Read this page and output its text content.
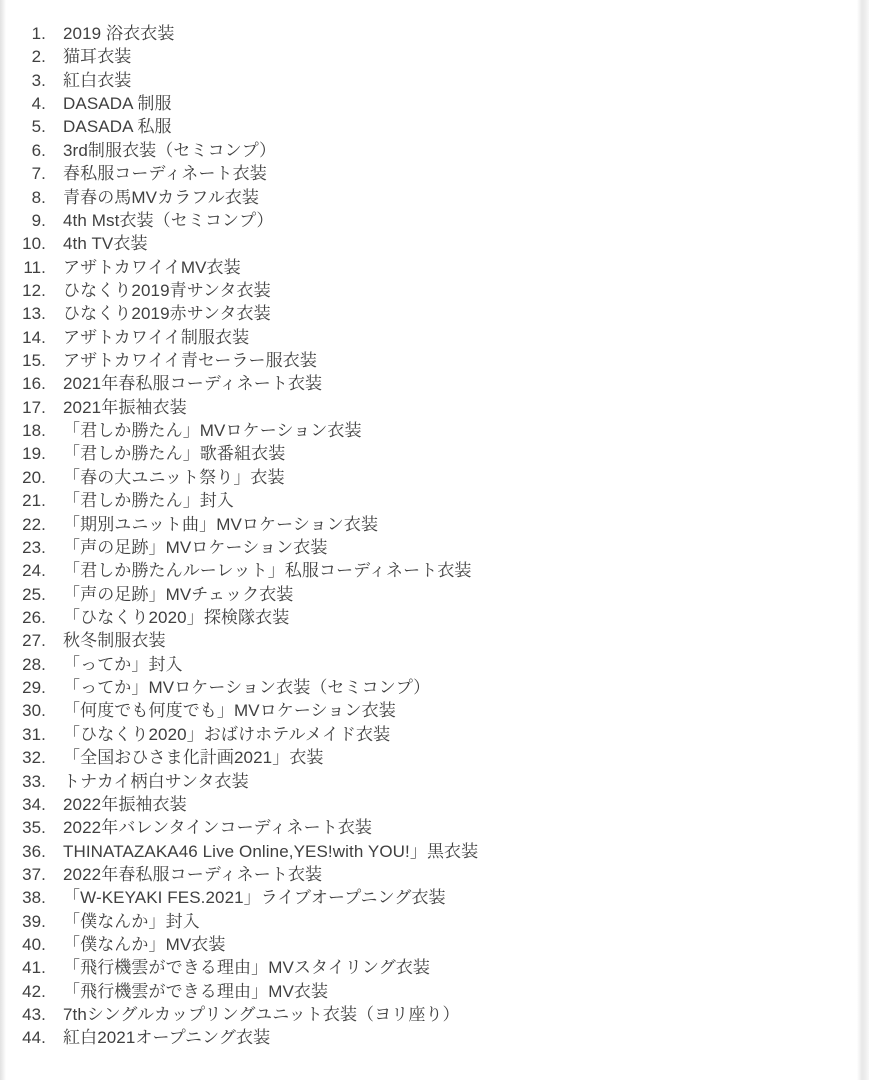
1. 2019 浴衣衣装
2. 猫耳衣装
3. 紅白衣装
4. DASADA 制服
5. DASADA 私服
6. 3rd制服衣装（セミコンプ）
7. 春私服コーディネート衣装
8. 青春の馬MVカラフル衣装
9. 4th Mst衣装（セミコンプ）
10. 4th TV衣装
11. アザトカワイイMV衣装
12. ひなくり2019青サンタ衣装
13. ひなくり2019赤サンタ衣装
14. アザトカワイイ制服衣装
15. アザトカワイイ青セーラー服衣装
16. 2021年春私服コーディネート衣装
17. 2021年振袖衣装
18. 「君しか勝たん」MVロケーション衣装
19. 「君しか勝たん」歌番組衣装
20. 「春の大ユニット祭り」衣装
21. 「君しか勝たん」封入
22. 「期別ユニット曲」MVロケーション衣装
23. 「声の足跡」MVロケーション衣装
24. 「君しか勝たんルーレット」私服コーディネート衣装
25. 「声の足跡」MVチェック衣装
26. 「ひなくり2020」探検隊衣装
27. 秋冬制服衣装
28. 「ってか」封入
29. 「ってか」MVロケーション衣装（セミコンプ）
30. 「何度でも何度でも」MVロケーション衣装
31. 「ひなくり2020」おばけホテルメイド衣装
32. 「全国おひさま化計画2021」衣装
33. トナカイ柄白サンタ衣装
34. 2022年振袖衣装
35. 2022年バレンタインコーディネート衣装
36. THINATAZAKA46 Live Online,YES!with YOU!」黒衣装
37. 2022年春私服コーディネート衣装
38. 「W-KEYAKI FES.2021」ライブオープニング衣装
39. 「僕なんか」封入
40. 「僕なんか」MV衣装
41. 「飛行機雲ができる理由」MVスタイリング衣装
42. 「飛行機雲ができる理由」MV衣装
43. 7thシングルカップリングユニット衣装（ヨリ座り）
44. 紅白2021オープニング衣装
